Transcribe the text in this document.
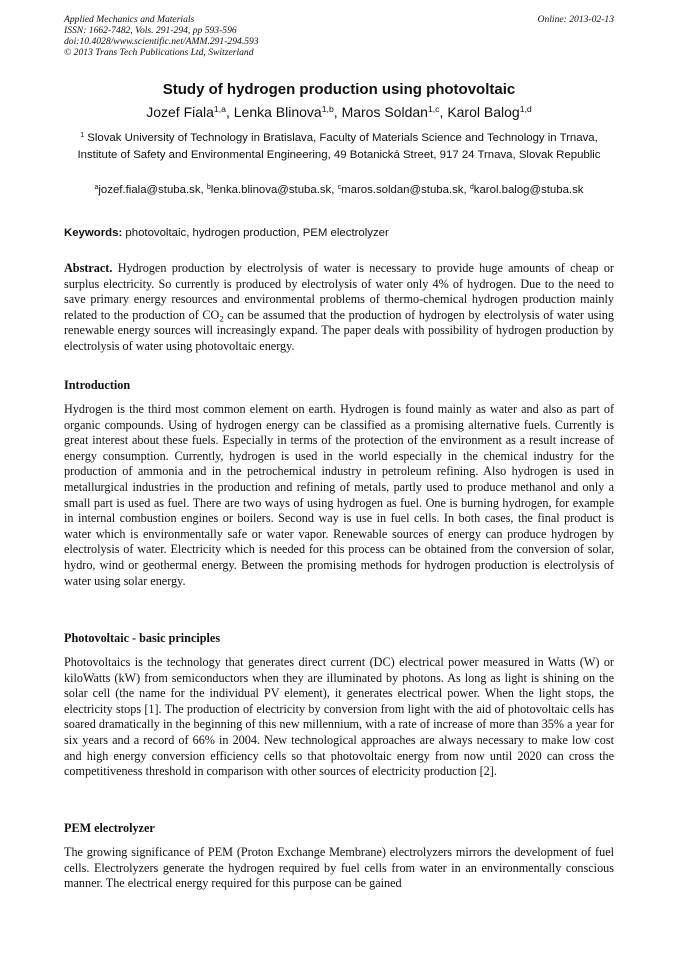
Applied Mechanics and Materials
ISSN: 1662-7482, Vols. 291-294, pp 593-596
doi:10.4028/www.scientific.net/AMM.291-294.593
© 2013 Trans Tech Publications Ltd, Switzerland
Online: 2013-02-13
Study of hydrogen production using photovoltaic
Jozef Fiala$^{1,a}$, Lenka Blinova$^{1,b}$, Maros Soldan$^{1,c}$, Karol Balog$^{1,d}$
$^1$ Slovak University of Technology in Bratislava, Faculty of Materials Science and Technology in Trnava, Institute of Safety and Environmental Engineering, 49 Botanická Street, 917 24 Trnava, Slovak Republic
$^a$jozef.fiala@stuba.sk, $^b$lenka.blinova@stuba.sk, $^c$maros.soldan@stuba.sk, $^d$karol.balog@stuba.sk
Keywords: photovoltaic, hydrogen production, PEM electrolyzer
Abstract. Hydrogen production by electrolysis of water is necessary to provide huge amounts of cheap or surplus electricity. So currently is produced by electrolysis of water only 4% of hydrogen. Due to the need to save primary energy resources and environmental problems of thermo-chemical hydrogen production mainly related to the production of $CO_2$ can be assumed that the production of hydrogen by electrolysis of water using renewable energy sources will increasingly expand. The paper deals with possibility of hydrogen production by electrolysis of water using photovoltaic energy.
Introduction
Hydrogen is the third most common element on earth. Hydrogen is found mainly as water and also as part of organic compounds. Using of hydrogen energy can be classified as a promising alternative fuels. Currently is great interest about these fuels. Especially in terms of the protection of the environment as a result increase of energy consumption. Currently, hydrogen is used in the world especially in the chemical industry for the production of ammonia and in the petrochemical industry in petroleum refining. Also hydrogen is used in metallurgical industries in the production and refining of metals, partly used to produce methanol and only a small part is used as fuel. There are two ways of using hydrogen as fuel. One is burning hydrogen, for example in internal combustion engines or boilers. Second way is use in fuel cells. In both cases, the final product is water which is environmentally safe or water vapor. Renewable sources of energy can produce hydrogen by electrolysis of water. Electricity which is needed for this process can be obtained from the conversion of solar, hydro, wind or geothermal energy. Between the promising methods for hydrogen production is electrolysis of water using solar energy.
Photovoltaic - basic principles
Photovoltaics is the technology that generates direct current (DC) electrical power measured in Watts (W) or kiloWatts (kW) from semiconductors when they are illuminated by photons. As long as light is shining on the solar cell (the name for the individual PV element), it generates electrical power. When the light stops, the electricity stops [1]. The production of electricity by conversion from light with the aid of photovoltaic cells has soared dramatically in the beginning of this new millennium, with a rate of increase of more than 35% a year for six years and a record of 66% in 2004. New technological approaches are always necessary to make low cost and high energy conversion efficiency cells so that photovoltaic energy from now until 2020 can cross the competitiveness threshold in comparison with other sources of electricity production [2].
PEM electrolyzer
The growing significance of PEM (Proton Exchange Membrane) electrolyzers mirrors the development of fuel cells. Electrolyzers generate the hydrogen required by fuel cells from water in an environmentally conscious manner. The electrical energy required for this purpose can be gained
